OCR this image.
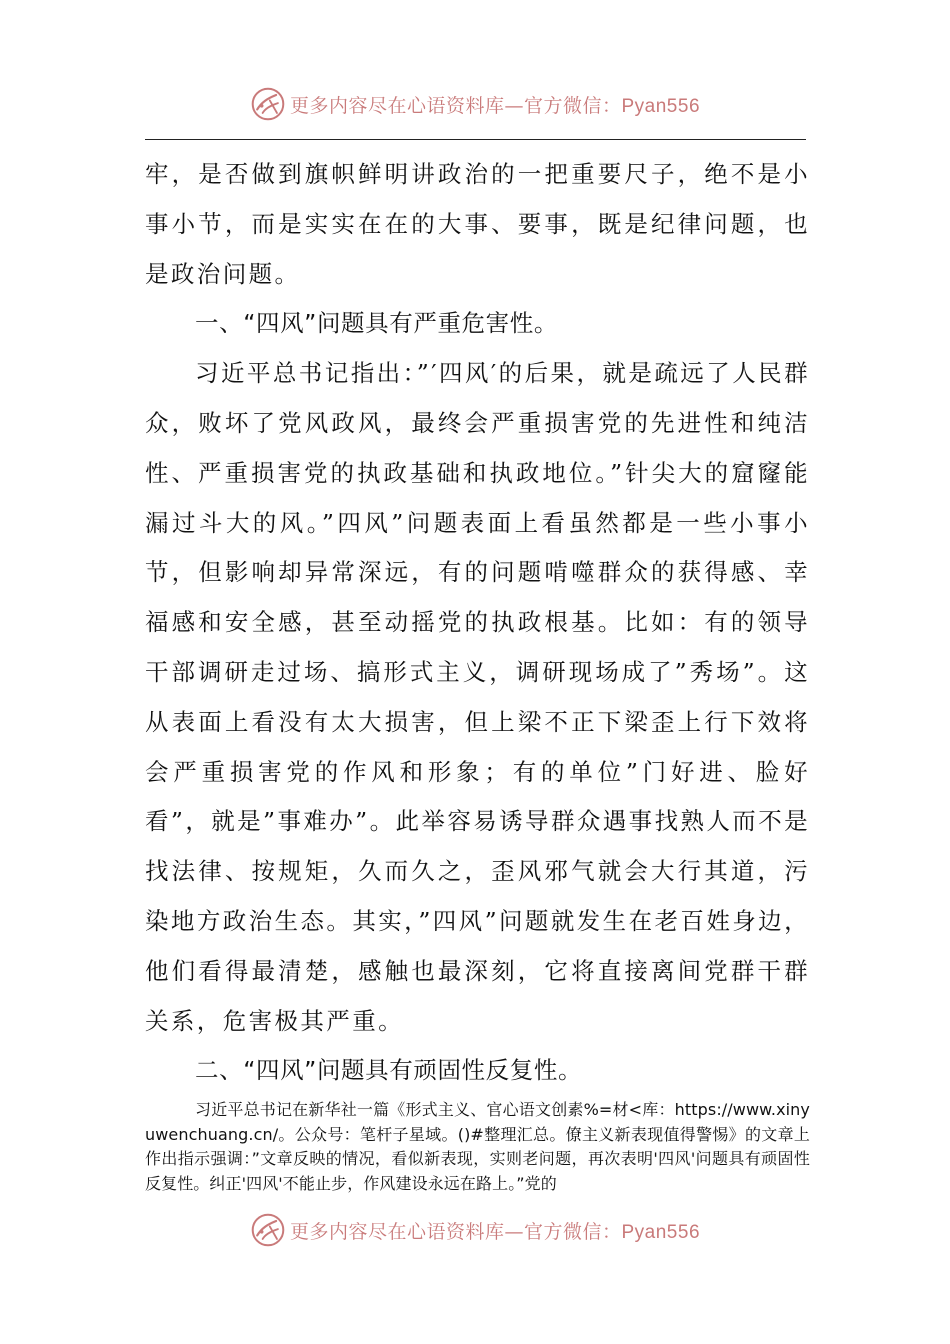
更多内容尽在心语资料库—官方微信：Pyan556

牢，是否做到旗帜鲜明讲政治的一把重要尺子，绝不是小事小节，而是实实在在的大事、要事，既是纪律问题，也是政治问题。

一、“四风”问题具有严重危害性。

习近平总书记指出：”′四风′的后果，就是疏远了人民群众，败坏了党风政风，最终会严重损害党的先进性和纯洁性、严重损害党的执政基础和执政地位。”针尖大的窟窿能漏过斗大的风。”四风”问题表面上看虽然都是一些小事小节，但影响却异常深远，有的问题啃噬群众的获得感、幸福感和安全感，甚至动摇党的执政根基。比如：有的领导干部调研走过场、搞形式主义，调研现场成了”秀场”。这从表面上看没有太大损害，但上梁不正下梁歪上行下效将会严重损害党的作风和形象；有的单位”门好进、脸好看”，就是”事难办”。此举容易诱导群众遇事找熟人而不是找法律、按规矩，久而久之，歪风邪气就会大行其道，污染地方政治生态。其实，”四风”问题就发生在老百姓身边，他们看得最清楚，感触也最深刻，它将直接离间党群干群关系，危害极其严重。

二、“四风”问题具有顽固性反复性。

习近平总书记在新华社一篇《形式主义、官心语文创素%=材<库：https://www.xinyuwenchuang.cn/。公众号：笔杆子星域。()#整理汇总。僚主义新表现值得警惕》的文章上作出指示强调：”文章反映的情况，看似新表现，实则老问题，再次表明'四风'问题具有顽固性反复性。纠正'四风'不能止步，作风建设永远在路上。”党的

更多内容尽在心语资料库—官方微信：Pyan556
